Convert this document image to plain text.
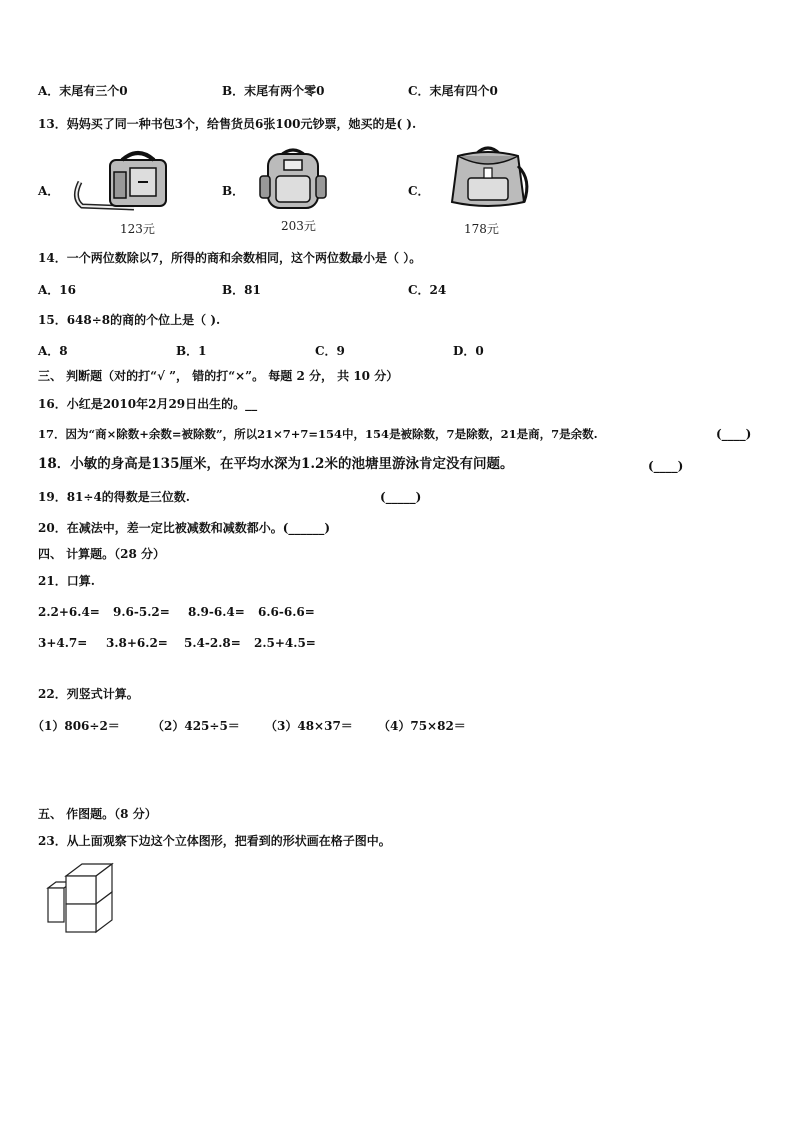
A．末尾有三个0	B．末尾有两个零0	C．末尾有四个0
13．妈妈买了同一种书包3个，给售货员6张100元钞票，她买的是( ).
A．	B．	C．
123元	203元	178元
14．一个两位数除以7，所得的商和余数相同，这个两位数最小是（ ）。
A．16	B．81	C．24
15．648÷8的商的个位上是（ ).
A．8	B．1	C．9	D．0
三、 判断题（对的打“√ ”， 错的打“×”。 每题 2 分， 共 10 分）
16．小红是2010年2月29日出生的。__
17．因为“商×除数+余数=被除数”，所以21×7+7=154中，154是被除数，7是除数，21是商，7是余数.	(____)
18．小敏的身高是135厘米，在平均水深为1.2米的池塘里游泳肯定没有问题。	(____)
19．81÷4的得数是三位数.	(_____)
20．在减法中，差一定比被减数和减数都小。(______)
四、 计算题。（28 分）
21．口算.
2.2+6.4= 9.6-5.2= 8.9-6.4= 6.6-6.6=
3+4.7= 3.8+6.2= 5.4-2.8= 2.5+4.5=
22．列竖式计算。
（1）806÷2＝	（2）425÷5＝ （3）48×37＝ （4）75×82＝
五、 作图题。（8 分）
23．从上面观察下边这个立体图形，把看到的形状画在格子图中。
